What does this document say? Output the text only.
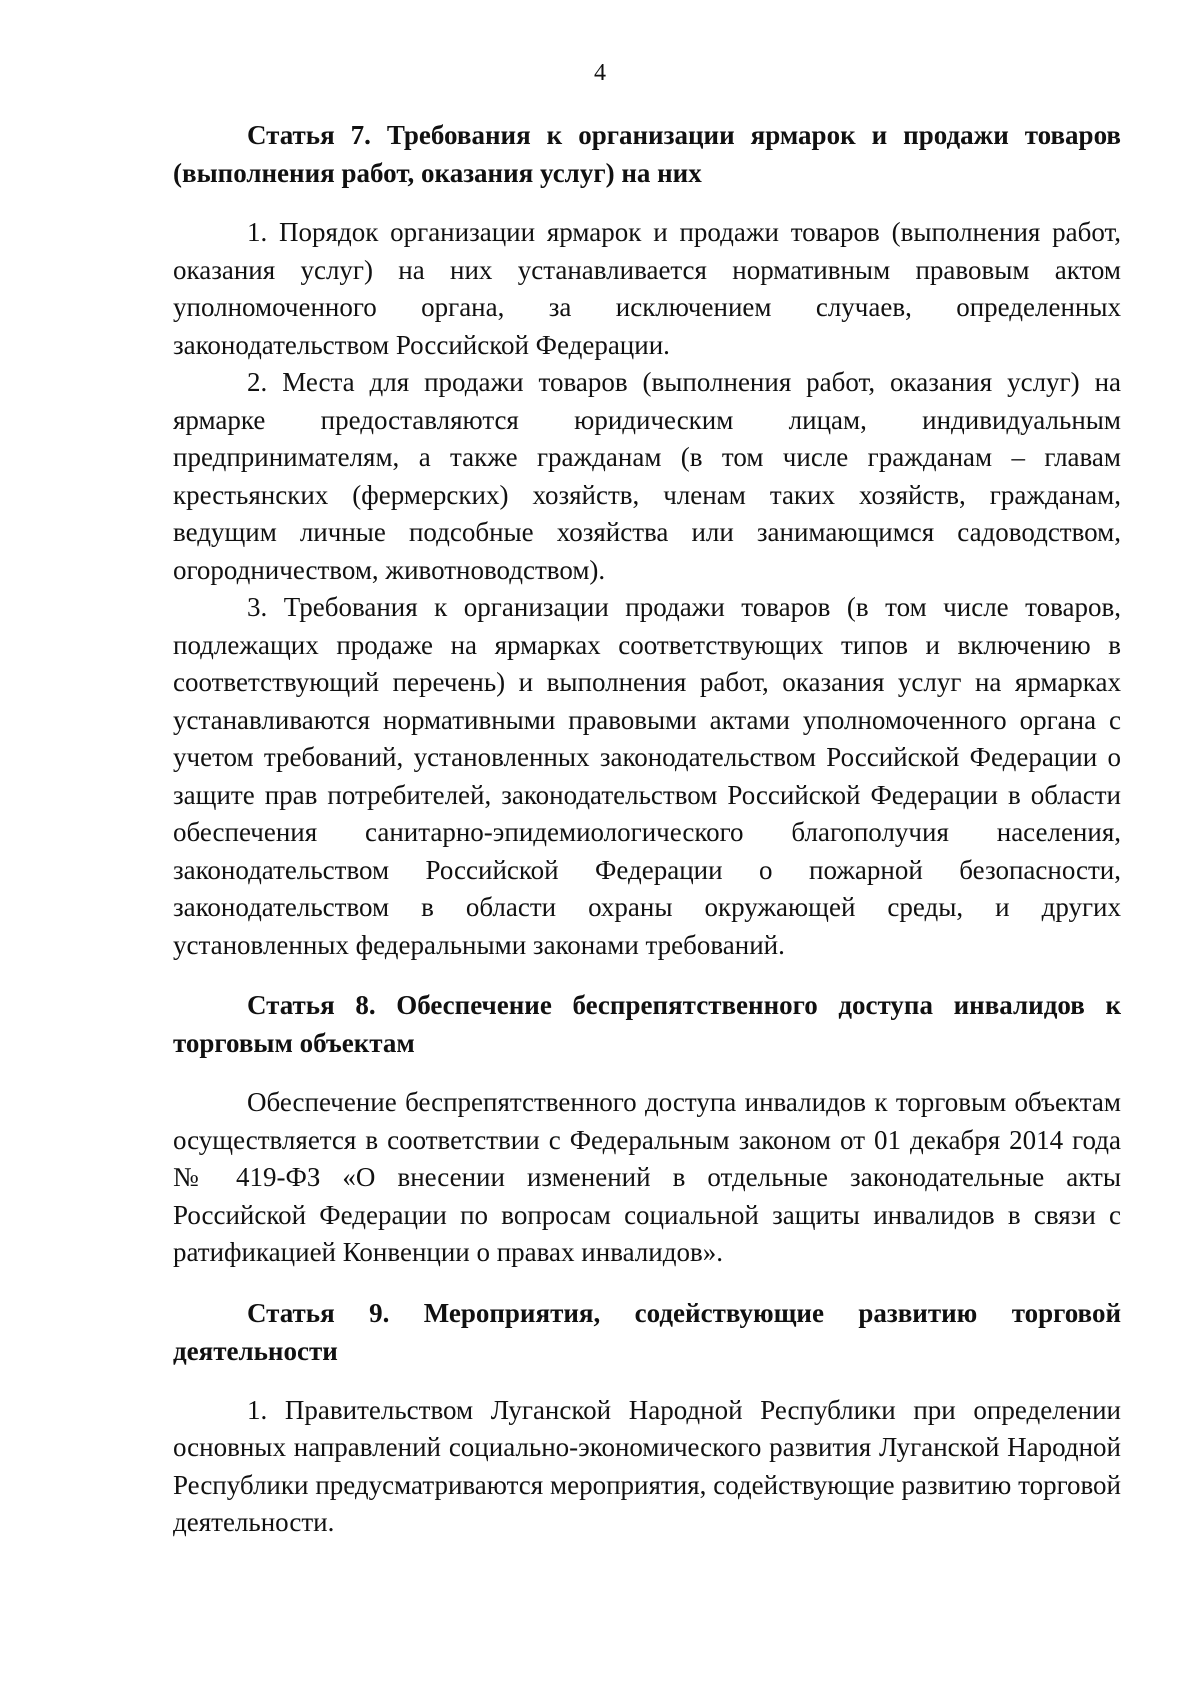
4
Статья 7. Требования к организации ярмарок и продажи товаров (выполнения работ, оказания услуг) на них

1. Порядок организации ярмарок и продажи товаров (выполнения работ, оказания услуг) на них устанавливается нормативным правовым актом уполномоченного органа, за исключением случаев, определенных законодательством Российской Федерации.

2. Места для продажи товаров (выполнения работ, оказания услуг) на ярмарке предоставляются юридическим лицам, индивидуальным предпринимателям, а также гражданам (в том числе гражданам – главам крестьянских (фермерских) хозяйств, членам таких хозяйств, гражданам, ведущим личные подсобные хозяйства или занимающимся садоводством, огородничеством, животноводством).

3. Требования к организации продажи товаров (в том числе товаров, подлежащих продаже на ярмарках соответствующих типов и включению в соответствующий перечень) и выполнения работ, оказания услуг на ярмарках устанавливаются нормативными правовыми актами уполномоченного органа с учетом требований, установленных законодательством Российской Федерации о защите прав потребителей, законодательством Российской Федерации в области обеспечения санитарно-эпидемиологического благополучия населения, законодательством Российской Федерации о пожарной безопасности, законодательством в области охраны окружающей среды, и других установленных федеральными законами требований.

Статья 8. Обеспечение беспрепятственного доступа инвалидов к торговым объектам

Обеспечение беспрепятственного доступа инвалидов к торговым объектам осуществляется в соответствии с Федеральным законом от 01 декабря 2014 года № 419-ФЗ «О внесении изменений в отдельные законодательные акты Российской Федерации по вопросам социальной защиты инвалидов в связи с ратификацией Конвенции о правах инвалидов».

Статья 9. Мероприятия, содействующие развитию торговой деятельности

1. Правительством Луганской Народной Республики при определении основных направлений социально-экономического развития Луганской Народной Республики предусматриваются мероприятия, содействующие развитию торговой деятельности.
